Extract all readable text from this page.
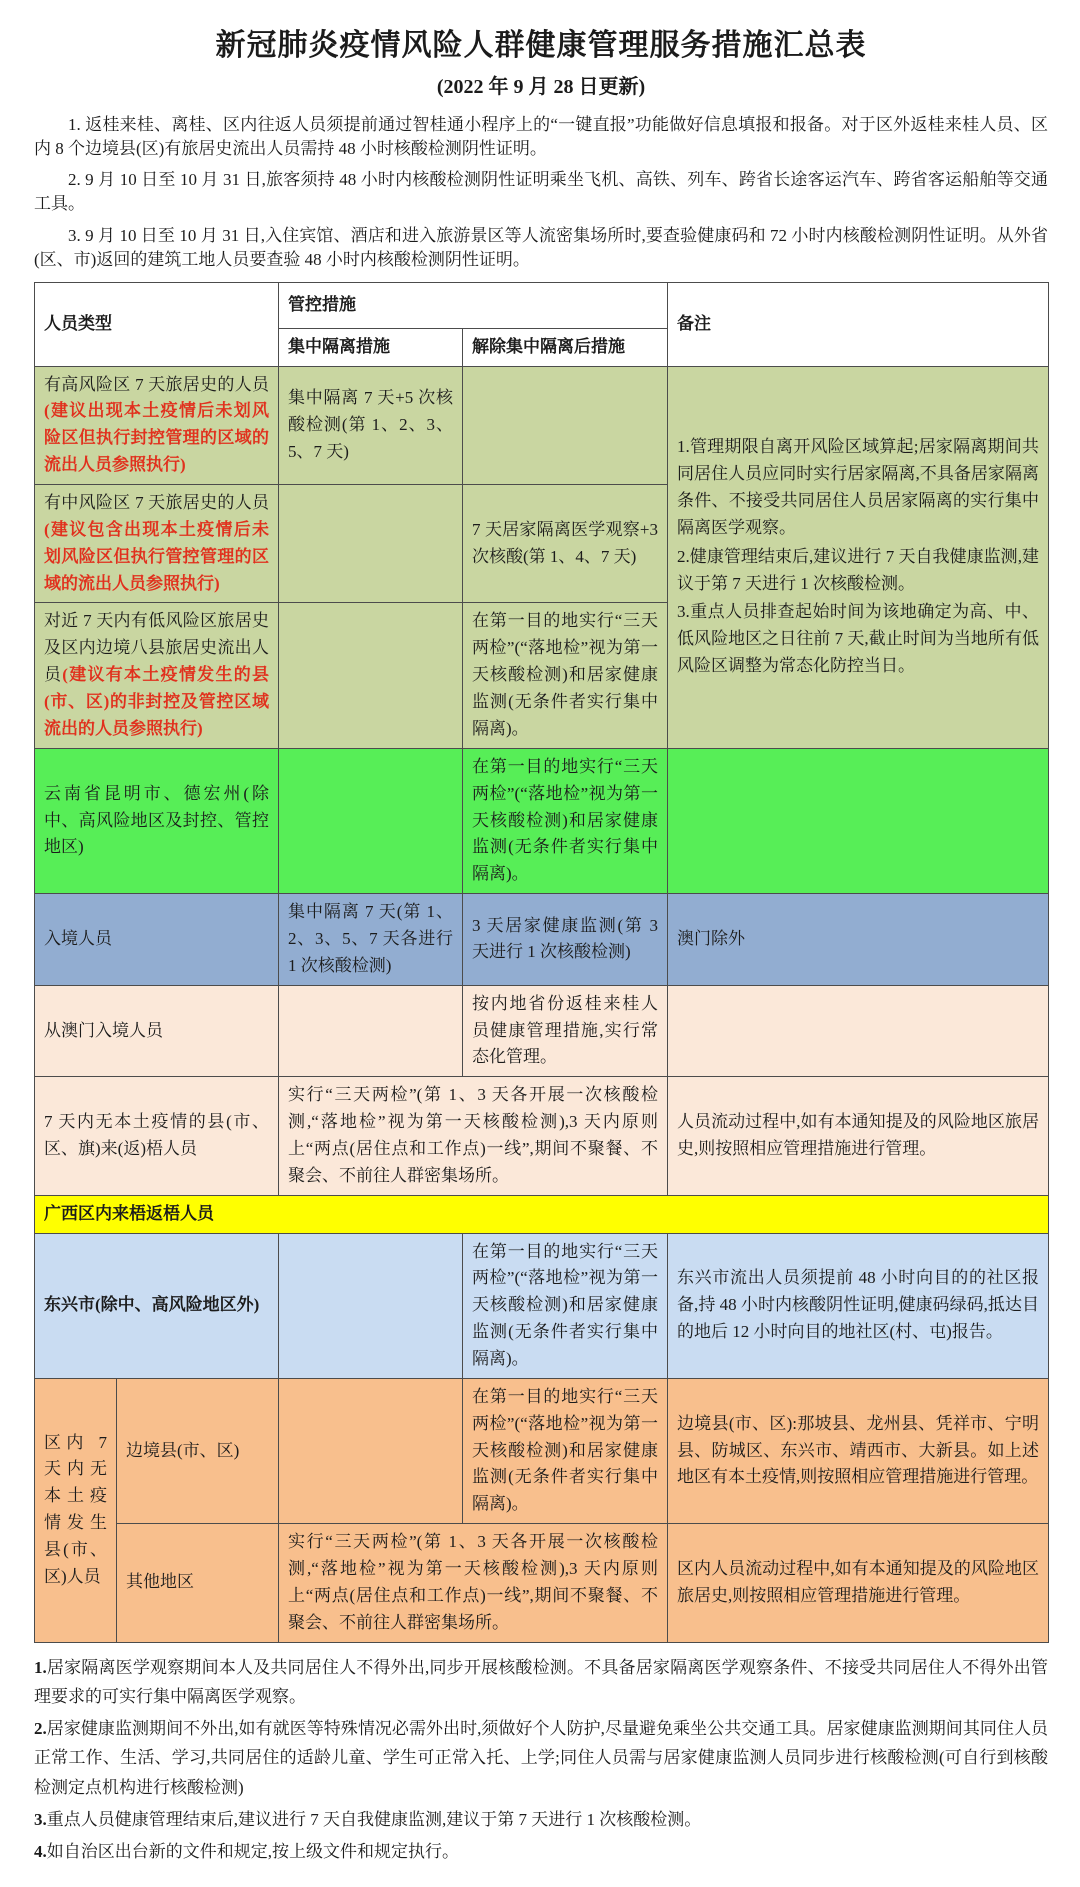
新冠肺炎疫情风险人群健康管理服务措施汇总表
(2022 年 9 月 28 日更新)

1. 返桂来桂、离桂、区内往返人员须提前通过智桂通小程序上的“一键直报”功能做好信息填报和报备。对于区外返桂来桂人员、区内 8 个边境县(区)有旅居史流出人员需持 48 小时核酸检测阴性证明。

2. 9 月 10 日至 10 月 31 日,旅客须持 48 小时内核酸检测阴性证明乘坐飞机、高铁、列车、跨省长途客运汽车、跨省客运船舶等交通工具。

3. 9 月 10 日至 10 月 31 日,入住宾馆、酒店和进入旅游景区等人流密集场所时,要查验健康码和 72 小时内核酸检测阴性证明。从外省(区、市)返回的建筑工地人员要查验 48 小时内核酸检测阴性证明。

人员类型		管控措施		备注
		集中隔离措施	解除集中隔离后措施	
有高风险区 7 天旅居史的人员(建议出现本土疫情后未划风险区但执行封控管理的区域的流出人员参照执行)		集中隔离 7 天+5 次核酸检测(第 1、2、3、5、7 天)		1.管理期限自离开风险区域算起;居家隔离期间共同居住人员应同时实行居家隔离,不具备居家隔离条件、不接受共同居住人员居家隔离的实行集中隔离医学观察。
2.健康管理结束后,建议进行 7 天自我健康监测,建议于第 7 天进行 1 次核酸检测。
3.重点人员排查起始时间为该地确定为高、中、低风险地区之日往前 7 天,截止时间为当地所有低风险区调整为常态化防控当日。

有中风险区 7 天旅居史的人员(建议包含出现本土疫情后未划风险区但执行管控管理的区域的流出人员参照执行)			7 天居家隔离医学观察+3 次核酸(第 1、4、7 天)	
对近 7 天内有低风险区旅居史及区内边境八县旅居史流出人员(建议有本土疫情发生的县(市、区)的非封控及管控区域流出的人员参照执行)			在第一目的地实行“三天两检”(“落地检”视为第一天核酸检测)和居家健康监测(无条件者实行集中隔离)。	
云南省昆明市、德宏州(除中、高风险地区及封控、管控地区)			在第一目的地实行“三天两检”(“落地检”视为第一天核酸检测)和居家健康监测(无条件者实行集中隔离)。	
入境人员		集中隔离 7 天(第 1、2、3、5、7 天各进行 1 次核酸检测)	3 天居家健康监测(第 3 天进行 1 次核酸检测)	澳门除外
从澳门入境人员			按内地省份返桂来桂人员健康管理措施,实行常态化管理。	
7 天内无本土疫情的县(市、区、旗)来(返)梧人员		实行“三天两检”(第 1、3 天各开展一次核酸检测,“落地检”视为第一天核酸检测),3 天内原则上“两点(居住点和工作点)一线”,期间不聚餐、不聚会、不前往人群密集场所。		人员流动过程中,如有本通知提及的风险地区旅居史,则按照相应管理措施进行管理。
广西区内来梧返梧人员				
东兴市(除中、高风险地区外)			在第一目的地实行“三天两检”(“落地检”视为第一天核酸检测)和居家健康监测(无条件者实行集中隔离)。	东兴市流出人员须提前 48 小时向目的的社区报备,持 48 小时内核酸阴性证明,健康码绿码,抵达目的地后 12 小时向目的地社区(村、屯)报告。
区内 7 天内无本土疫情发生县(市、区)人员	边境县(市、区)		在第一目的地实行“三天两检”(“落地检”视为第一天核酸检测)和居家健康监测(无条件者实行集中隔离)。	边境县(市、区):那坡县、龙州县、凭祥市、宁明县、防城区、东兴市、靖西市、大新县。如上述地区有本土疫情,则按照相应管理措施进行管理。
	其他地区	实行“三天两检”(第 1、3 天各开展一次核酸检测,“落地检”视为第一天核酸检测),3 天内原则上“两点(居住点和工作点)一线”,期间不聚餐、不聚会、不前往人群密集场所。		区内人员流动过程中,如有本通知提及的风险地区旅居史,则按照相应管理措施进行管理。

1.居家隔离医学观察期间本人及共同居住人不得外出,同步开展核酸检测。不具备居家隔离医学观察条件、不接受共同居住人不得外出管理要求的可实行集中隔离医学观察。

2.居家健康监测期间不外出,如有就医等特殊情况必需外出时,须做好个人防护,尽量避免乘坐公共交通工具。居家健康监测期间其同住人员正常工作、生活、学习,共同居住的适龄儿童、学生可正常入托、上学;同住人员需与居家健康监测人员同步进行核酸检测(可自行到核酸检测定点机构进行核酸检测)

3.重点人员健康管理结束后,建议进行 7 天自我健康监测,建议于第 7 天进行 1 次核酸检测。

4.如自治区出台新的文件和规定,按上级文件和规定执行。
